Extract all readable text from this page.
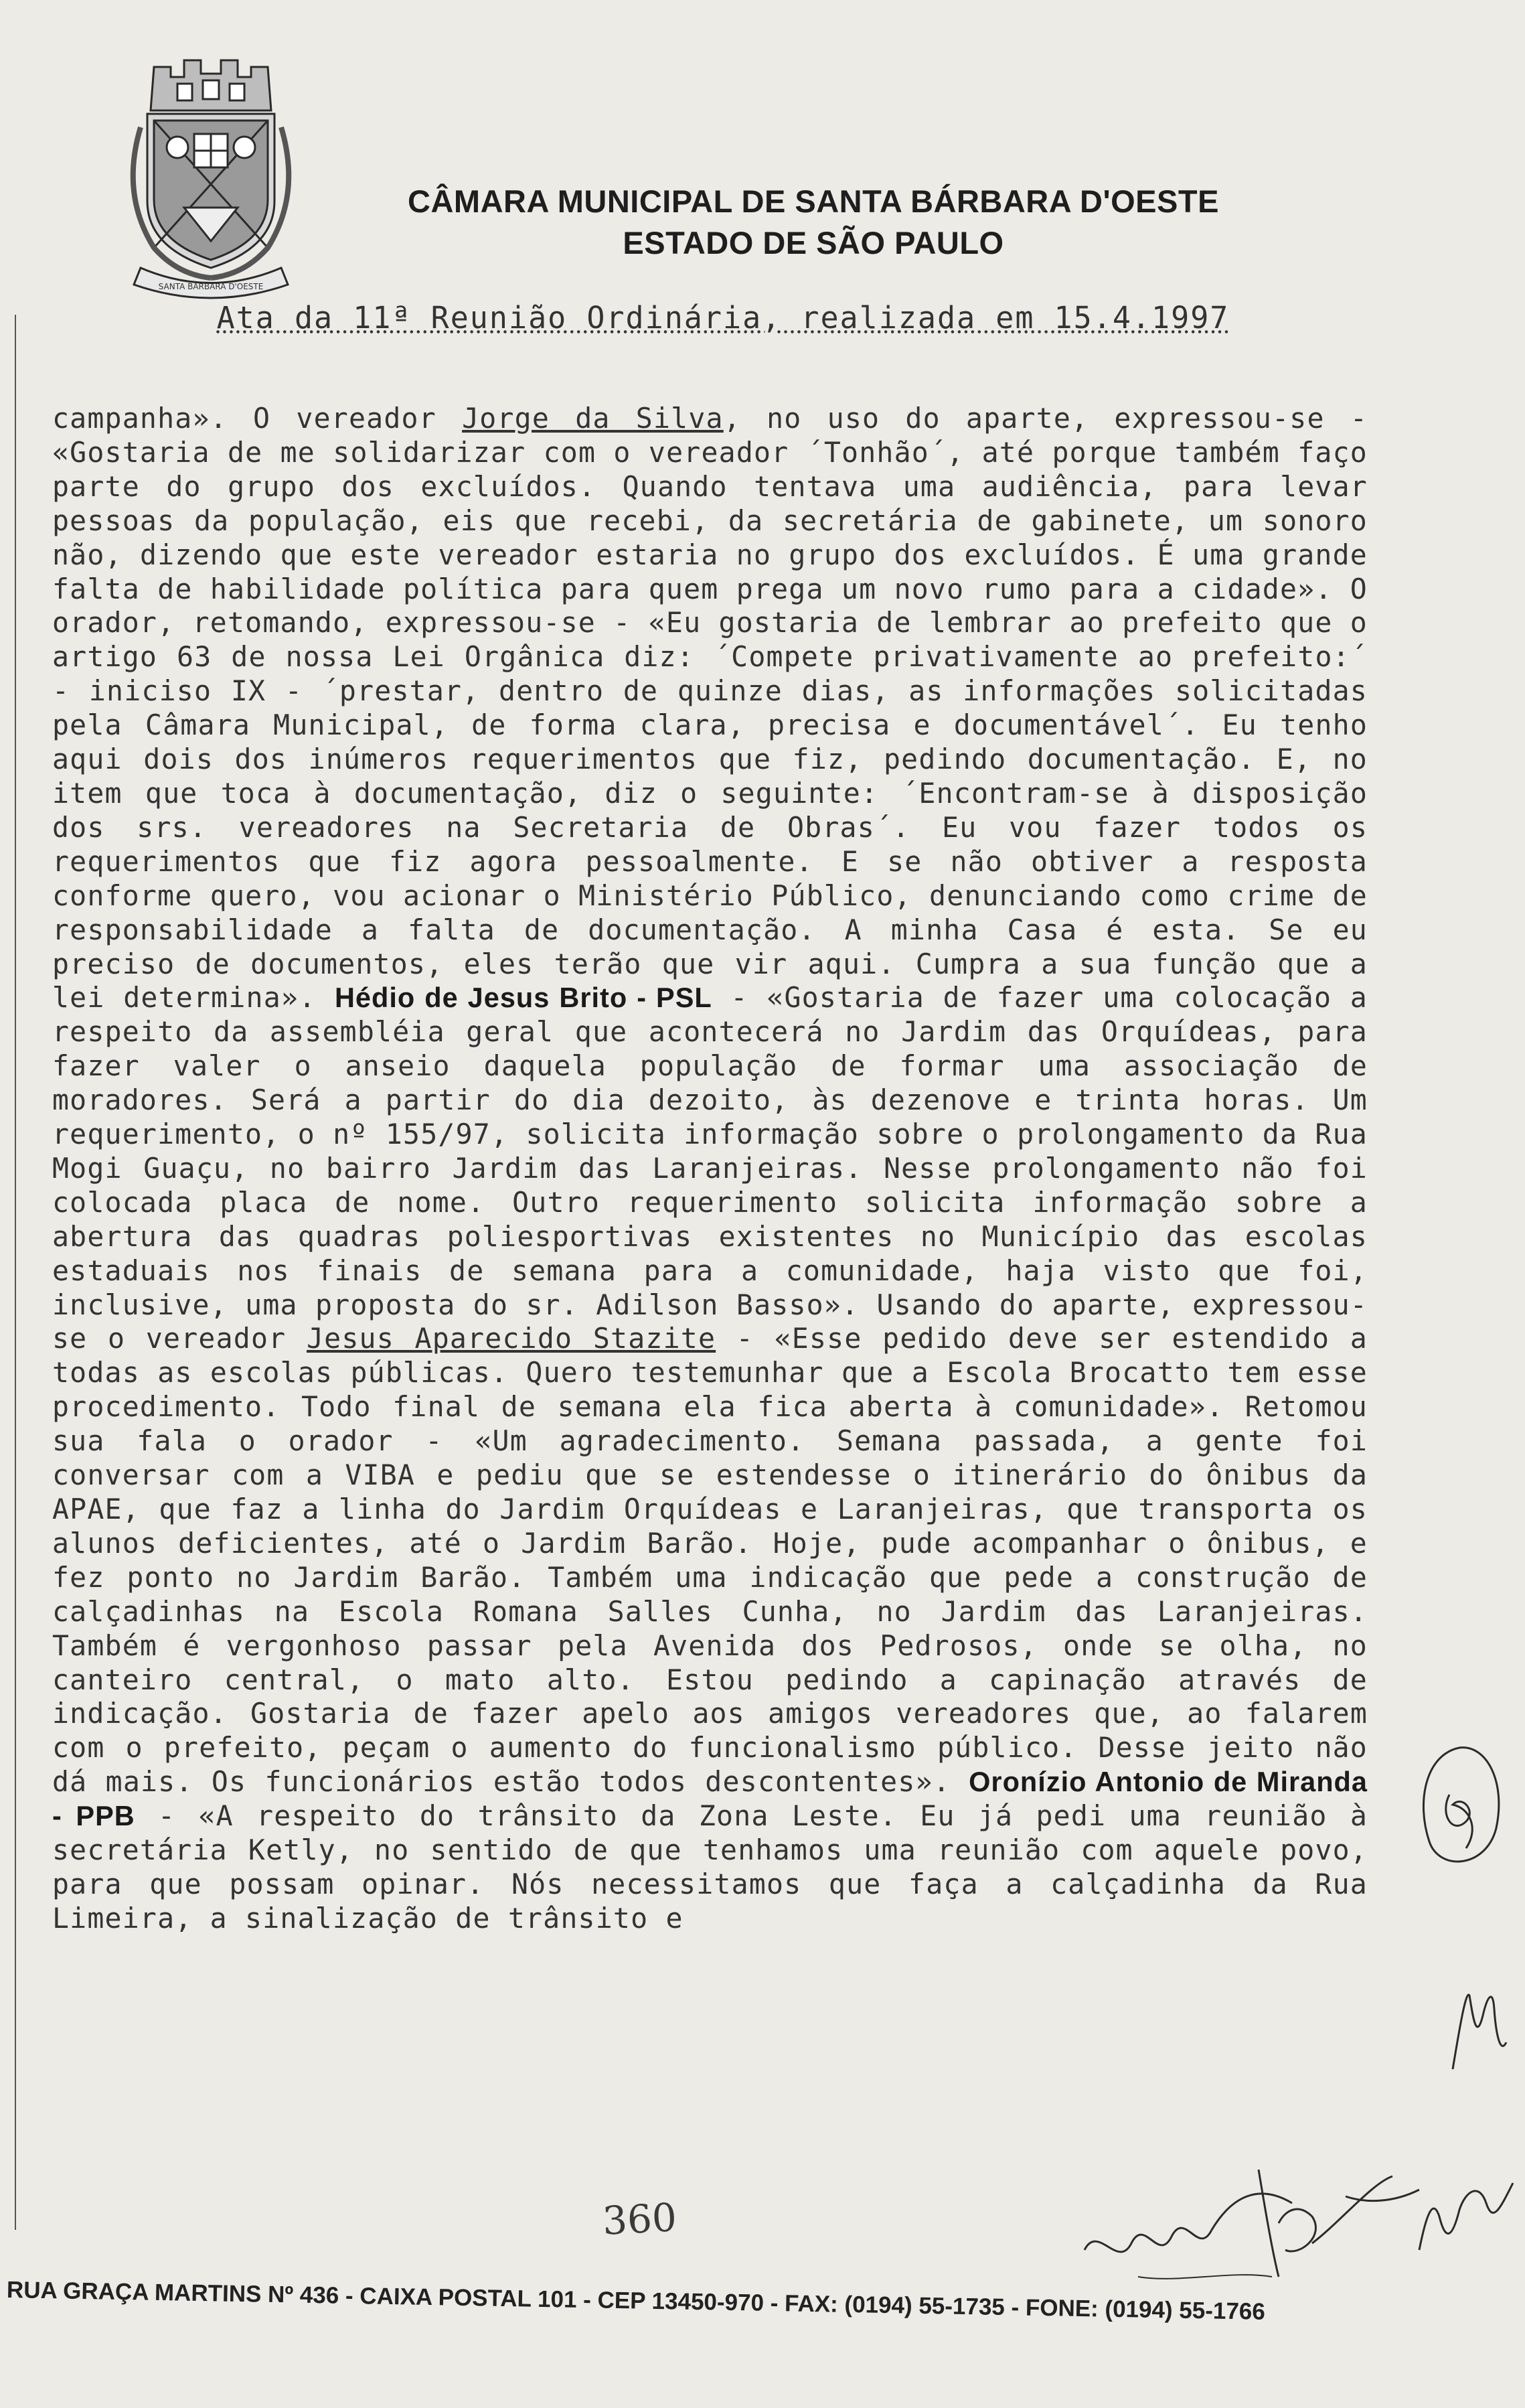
SANTA BARBARA D'OESTE
CÂMARA MUNICIPAL DE SANTA BÁRBARA D'OESTE
ESTADO DE SÃO PAULO
Ata da 11ª Reunião Ordinária, realizada em 15.4.1997

campanha». O vereador Jorge da Silva, no uso do aparte, expressou-se - «Gostaria de me solidarizar com o vereador ´Tonhão´, até porque também faço parte do grupo dos excluídos. Quando tentava uma audiência, para levar pessoas da população, eis que recebi, da secretária de gabinete, um sonoro não, dizendo que este vereador estaria no grupo dos excluídos. É uma grande falta de habilidade política para quem prega um novo rumo para a cidade». O orador, retomando, expressou-se - «Eu gostaria de lembrar ao prefeito que o artigo 63 de nossa Lei Orgânica diz: ´Compete privativamente ao prefeito:´ - iniciso IX - ´prestar, dentro de quinze dias, as informações solicitadas pela Câmara Municipal, de forma clara, precisa e documentável´. Eu tenho aqui dois dos inúmeros requerimentos que fiz, pedindo documentação. E, no item que toca à documentação, diz o seguinte: ´Encontram-se à disposição dos srs. vereadores na Secretaria de Obras´. Eu vou fazer todos os requerimentos que fiz agora pessoalmente. E se não obtiver a resposta conforme quero, vou acionar o Ministério Público, denunciando como crime de responsabilidade a falta de documentação. A minha Casa é esta. Se eu preciso de documentos, eles terão que vir aqui. Cumpra a sua função que a lei determina». Hédio de Jesus Brito - PSL - «Gostaria de fazer uma colocação a respeito da assembléia geral que acontecerá no Jardim das Orquídeas, para fazer valer o anseio daquela população de formar uma associação de moradores. Será a partir do dia dezoito, às dezenove e trinta horas. Um requerimento, o nº 155/97, solicita informação sobre o prolongamento da Rua Mogi Guaçu, no bairro Jardim das Laranjeiras. Nesse prolongamento não foi colocada placa de nome. Outro requerimento solicita informação sobre a abertura das quadras poliesportivas existentes no Município das escolas estaduais nos finais de semana para a comunidade, haja visto que foi, inclusive, uma proposta do sr. Adilson Basso». Usando do aparte, expressou-se o vereador Jesus Aparecido Stazite - «Esse pedido deve ser estendido a todas as escolas públicas. Quero testemunhar que a Escola Brocatto tem esse procedimento. Todo final de semana ela fica aberta à comunidade». Retomou sua fala o orador - «Um agradecimento. Semana passada, a gente foi conversar com a VIBA e pediu que se estendesse o itinerário do ônibus da APAE, que faz a linha do Jardim Orquídeas e Laranjeiras, que transporta os alunos deficientes, até o Jardim Barão. Hoje, pude acompanhar o ônibus, e fez ponto no Jardim Barão. Também uma indicação que pede a construção de calçadinhas na Escola Romana Salles Cunha, no Jardim das Laranjeiras. Também é vergonhoso passar pela Avenida dos Pedrosos, onde se olha, no canteiro central, o mato alto. Estou pedindo a capinação através de indicação. Gostaria de fazer apelo aos amigos vereadores que, ao falarem com o prefeito, peçam o aumento do funcionalismo público. Desse jeito não dá mais. Os funcionários estão todos descontentes». Oronízio Antonio de Miranda - PPB - «A respeito do trânsito da Zona Leste. Eu já pedi uma reunião à secretária Ketly, no sentido de que tenhamos uma reunião com aquele povo, para que possam opinar. Nós necessitamos que faça a calçadinha da Rua Limeira, a sinalização de trânsito e

360
RUA GRAÇA MARTINS Nº 436 - CAIXA POSTAL 101 - CEP 13450-970 - FAX: (0194) 55-1735 - FONE: (0194) 55-1766
